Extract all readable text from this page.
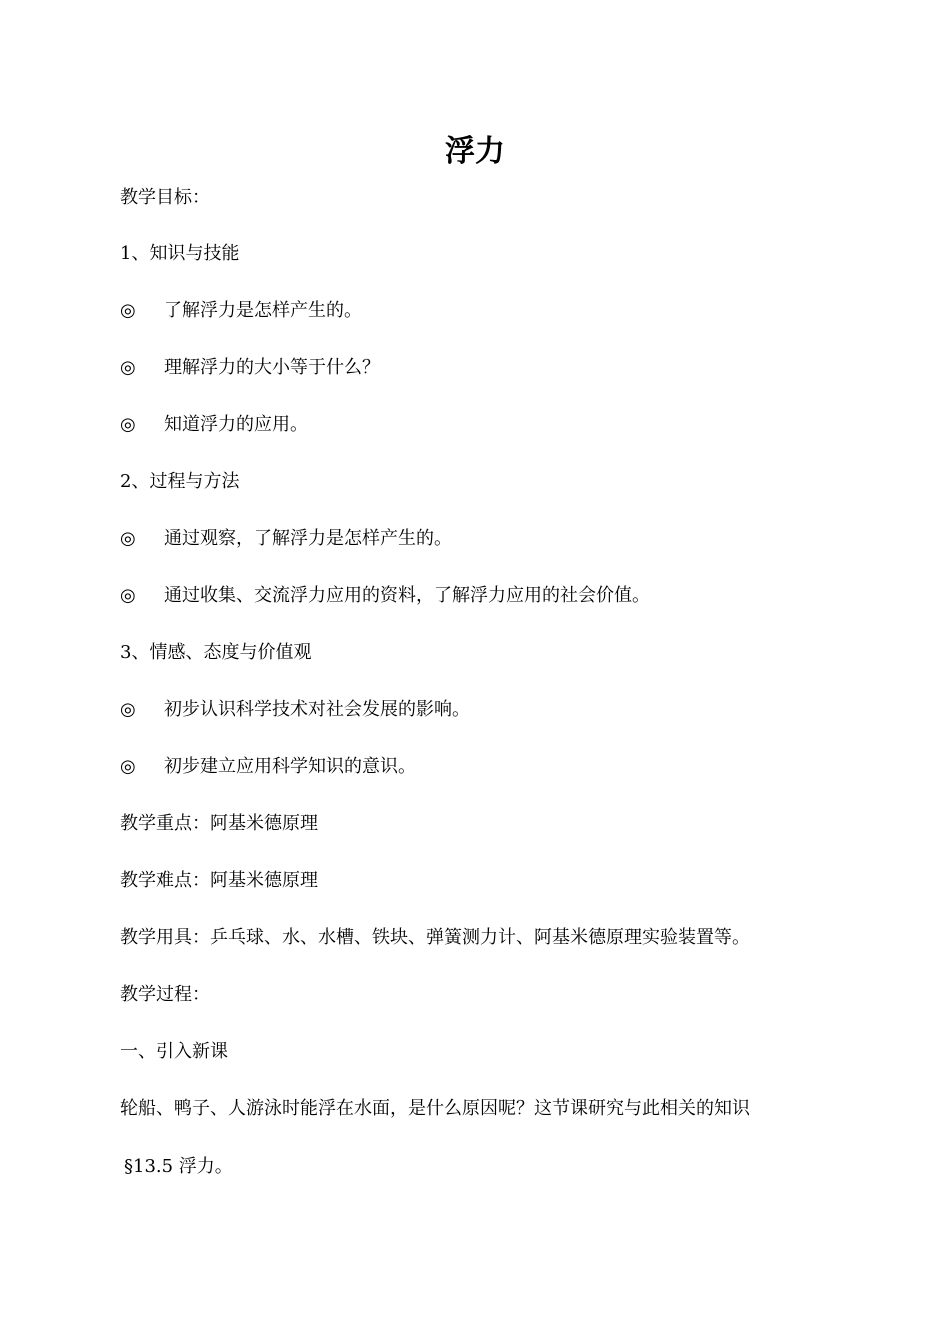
浮力

教学目标：

1、知识与技能

◎ 了解浮力是怎样产生的。

◎ 理解浮力的大小等于什么？

◎ 知道浮力的应用。

2、过程与方法

◎ 通过观察，了解浮力是怎样产生的。

◎ 通过收集、交流浮力应用的资料，了解浮力应用的社会价值。

3、情感、态度与价值观

◎ 初步认识科学技术对社会发展的影响。

◎ 初步建立应用科学知识的意识。

教学重点：阿基米德原理

教学难点：阿基米德原理

教学用具：乒乓球、水、水槽、铁块、弹簧测力计、阿基米德原理实验装置等。

教学过程：

一、引入新课

轮船、鸭子、人游泳时能浮在水面，是什么原因呢？这节课研究与此相关的知识

§13.5 浮力。
